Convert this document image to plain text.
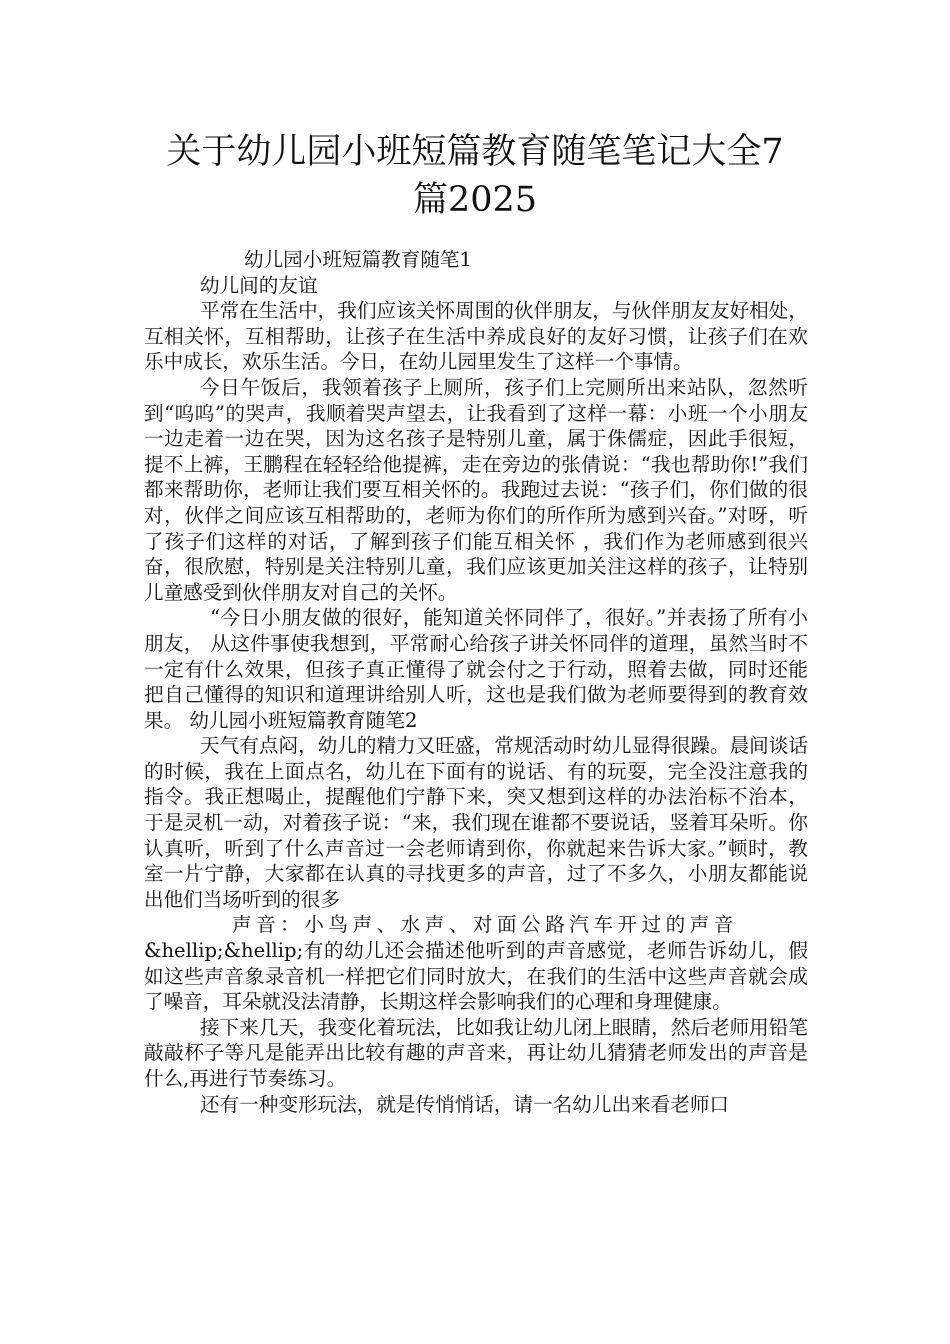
关于幼儿园小班短篇教育随笔笔记大全7
篇2025

幼儿园小班短篇教育随笔1

幼儿间的友谊

平常在生活中，我们应该关怀周围的伙伴朋友，与伙伴朋友友好相处，互相关怀，互相帮助，让孩子在生活中养成良好的友好习惯，让孩子们在欢乐中成长，欢乐生活。今日，在幼儿园里发生了这样一个事情。

今日午饭后，我领着孩子上厕所，孩子们上完厕所出来站队，忽然听到“呜呜”的哭声，我顺着哭声望去，让我看到了这样一幕：小班一个小朋友一边走着一边在哭，因为这名孩子是特别儿童，属于侏儒症，因此手很短，提不上裤，王鹏程在轻轻给他提裤，走在旁边的张倩说：“我也帮助你!”我们都来帮助你，老师让我们要互相关怀的。我跑过去说：“孩子们，你们做的很对，伙伴之间应该互相帮助的，老师为你们的所作所为感到兴奋。”对呀，听了孩子们这样的对话，了解到孩子们能互相关怀 ，我们作为老师感到很兴奋，很欣慰，特别是关注特别儿童，我们应该更加关注这样的孩子，让特别儿童感受到伙伴朋友对自己的关怀。

“今日小朋友做的很好，能知道关怀同伴了，很好。”并表扬了所有小朋友， 从这件事使我想到，平常耐心给孩子讲关怀同伴的道理，虽然当时不一定有什么效果，但孩子真正懂得了就会付之于行动，照着去做，同时还能把自己懂得的知识和道理讲给别人听，这也是我们做为老师要得到的教育效果。 幼儿园小班短篇教育随笔2

天气有点闷，幼儿的精力又旺盛，常规活动时幼儿显得很躁。晨间谈话的时候，我在上面点名，幼儿在下面有的说话、有的玩耍，完全没注意我的指令。我正想喝止，提醒他们宁静下来，突又想到这样的办法治标不治本，于是灵机一动，对着孩子说：“来，我们现在谁都不要说话，竖着耳朵听。你认真听，听到了什么声音过一会老师请到你，你就起来告诉大家。”顿时，教室一片宁静，大家都在认真的寻找更多的声音，过了不多久，小朋友都能说出他们当场听到的很多

声音：小鸟声、水声、对面公路汽车开过的声音

&hellip;&hellip;有的幼儿还会描述他听到的声音感觉，老师告诉幼儿，假如这些声音象录音机一样把它们同时放大，在我们的生活中这些声音就会成了噪音，耳朵就没法清静，长期这样会影响我们的心理和身理健康。

接下来几天，我变化着玩法，比如我让幼儿闭上眼睛，然后老师用铅笔敲敲杯子等凡是能弄出比较有趣的声音来，再让幼儿猜猜老师发出的声音是什么,再进行节奏练习。

还有一种变形玩法，就是传悄悄话，请一名幼儿出来看老师口
